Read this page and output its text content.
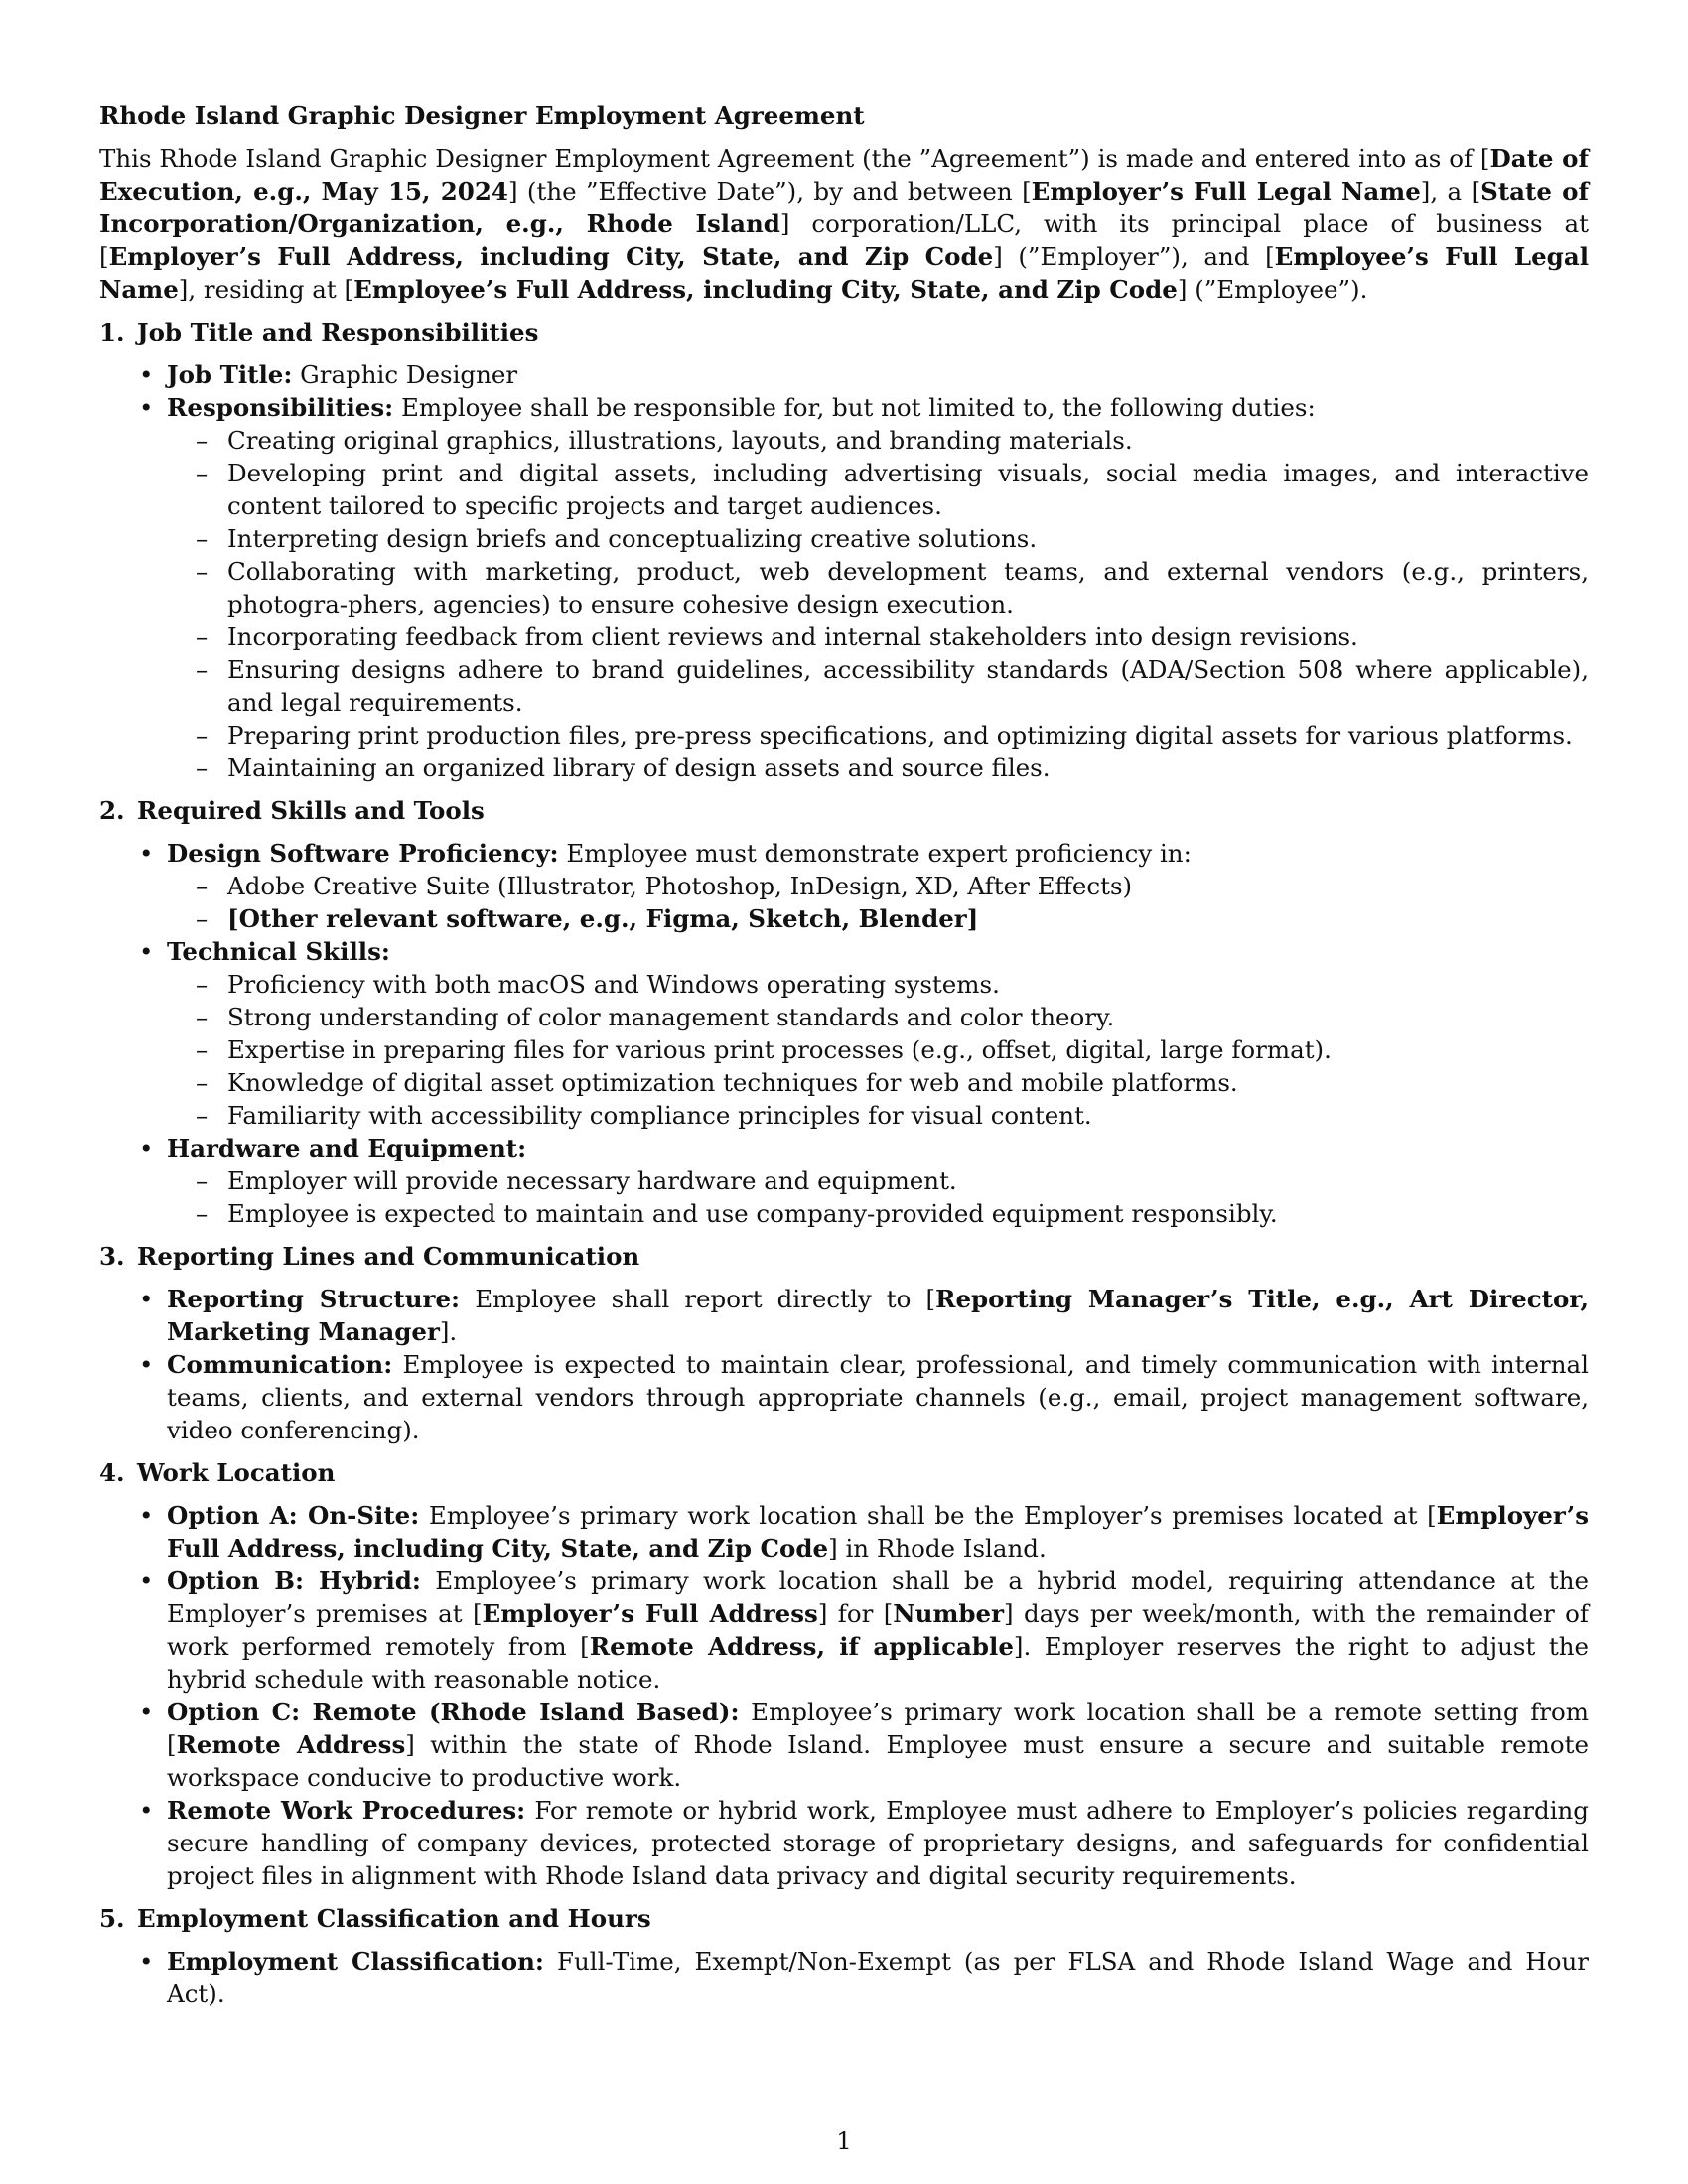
Rhode Island Graphic Designer Employment Agreement
This Rhode Island Graphic Designer Employment Agreement (the ”Agreement”) is made and entered into as of [Date of Execution, e.g., May 15, 2024] (the ”Effective Date”), by and between [Employer’s Full Legal Name], a [State of Incorporation/Organization, e.g., Rhode Island] corporation/LLC, with its principal place of business at [Employer’s Full Address, including City, State, and Zip Code] (”Employer”), and [Employee’s Full Legal Name], residing at [Employee’s Full Address, including City, State, and Zip Code] (”Employee”).
1. Job Title and Responsibilities
• Job Title: Graphic Designer
• Responsibilities: Employee shall be responsible for, but not limited to, the following duties:
– Creating original graphics, illustrations, layouts, and branding materials.
– Developing print and digital assets, including advertising visuals, social media images, and interactive content tailored to specific projects and target audiences.
– Interpreting design briefs and conceptualizing creative solutions.
– Collaborating with marketing, product, web development teams, and external vendors (e.g., printers, photogra-phers, agencies) to ensure cohesive design execution.
– Incorporating feedback from client reviews and internal stakeholders into design revisions.
– Ensuring designs adhere to brand guidelines, accessibility standards (ADA/Section 508 where applicable), and legal requirements.
– Preparing print production files, pre-press specifications, and optimizing digital assets for various platforms.
– Maintaining an organized library of design assets and source files.
2. Required Skills and Tools
• Design Software Proficiency: Employee must demonstrate expert proficiency in:
– Adobe Creative Suite (Illustrator, Photoshop, InDesign, XD, After Effects)
– [Other relevant software, e.g., Figma, Sketch, Blender]
• Technical Skills:
– Proficiency with both macOS and Windows operating systems.
– Strong understanding of color management standards and color theory.
– Expertise in preparing files for various print processes (e.g., offset, digital, large format).
– Knowledge of digital asset optimization techniques for web and mobile platforms.
– Familiarity with accessibility compliance principles for visual content.
• Hardware and Equipment:
– Employer will provide necessary hardware and equipment.
– Employee is expected to maintain and use company-provided equipment responsibly.
3. Reporting Lines and Communication
• Reporting Structure: Employee shall report directly to [Reporting Manager’s Title, e.g., Art Director, Marketing Manager].
• Communication: Employee is expected to maintain clear, professional, and timely communication with internal teams, clients, and external vendors through appropriate channels (e.g., email, project management software, video conferencing).
4. Work Location
• Option A: On-Site: Employee’s primary work location shall be the Employer’s premises located at [Employer’s Full Address, including City, State, and Zip Code] in Rhode Island.
• Option B: Hybrid: Employee’s primary work location shall be a hybrid model, requiring attendance at the Employer’s premises at [Employer’s Full Address] for [Number] days per week/month, with the remainder of work performed remotely from [Remote Address, if applicable]. Employer reserves the right to adjust the hybrid schedule with reasonable notice.
• Option C: Remote (Rhode Island Based): Employee’s primary work location shall be a remote setting from [Remote Address] within the state of Rhode Island. Employee must ensure a secure and suitable remote workspace conducive to productive work.
• Remote Work Procedures: For remote or hybrid work, Employee must adhere to Employer’s policies regarding secure handling of company devices, protected storage of proprietary designs, and safeguards for confidential project files in alignment with Rhode Island data privacy and digital security requirements.
5. Employment Classification and Hours
• Employment Classification: Full-Time, Exempt/Non-Exempt (as per FLSA and Rhode Island Wage and Hour Act).
1
